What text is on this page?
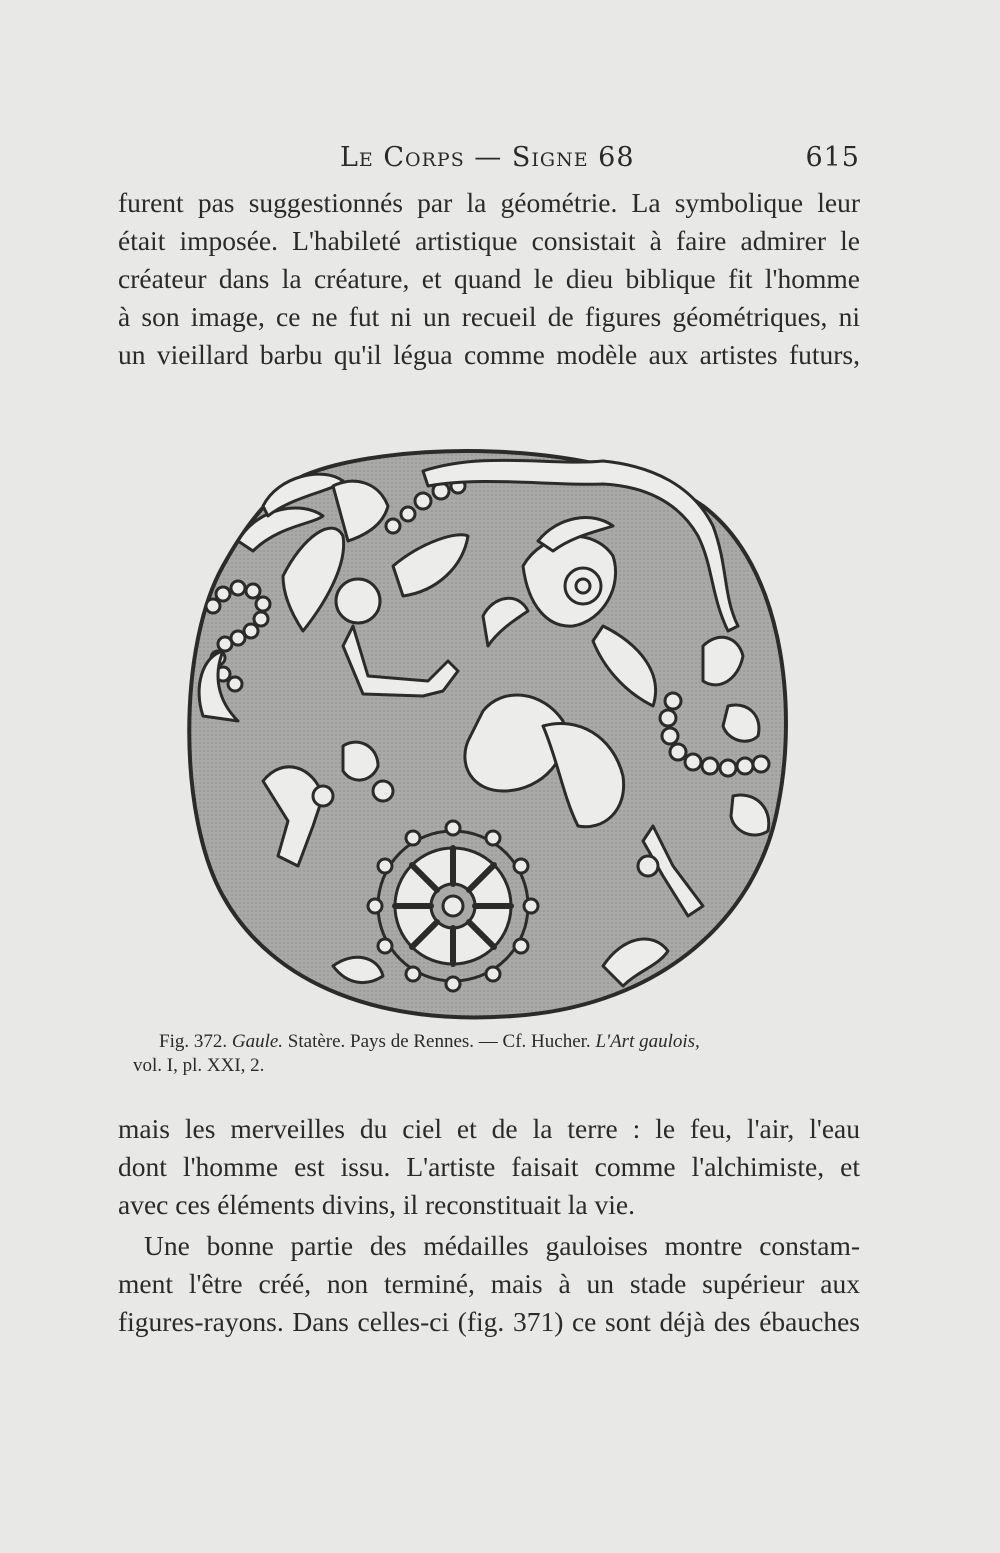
Le Corps — Signe 68	615
furent pas suggestionnés par la géométrie. La symbolique leur
était imposée. L'habileté artistique consistait à faire admirer le
créateur dans la créature, et quand le dieu biblique fit l'homme
à son image, ce ne fut ni un recueil de figures géométriques, ni
un vieillard barbu qu'il légua comme modèle aux artistes futurs,

Fig. 372. Gaule. Statère. Pays de Rennes. — Cf. Hucher. L'Art gaulois,
vol. I, pl. XXI, 2.

mais les merveilles du ciel et de la terre : le feu, l'air, l'eau
dont l'homme est issu. L'artiste faisait comme l'alchimiste, et
avec ces éléments divins, il reconstituait la vie.
Une bonne partie des médailles gauloises montre constam-
ment l'être créé, non terminé, mais à un stade supérieur aux
figures-rayons. Dans celles-ci (fig. 371) ce sont déjà des ébauches
